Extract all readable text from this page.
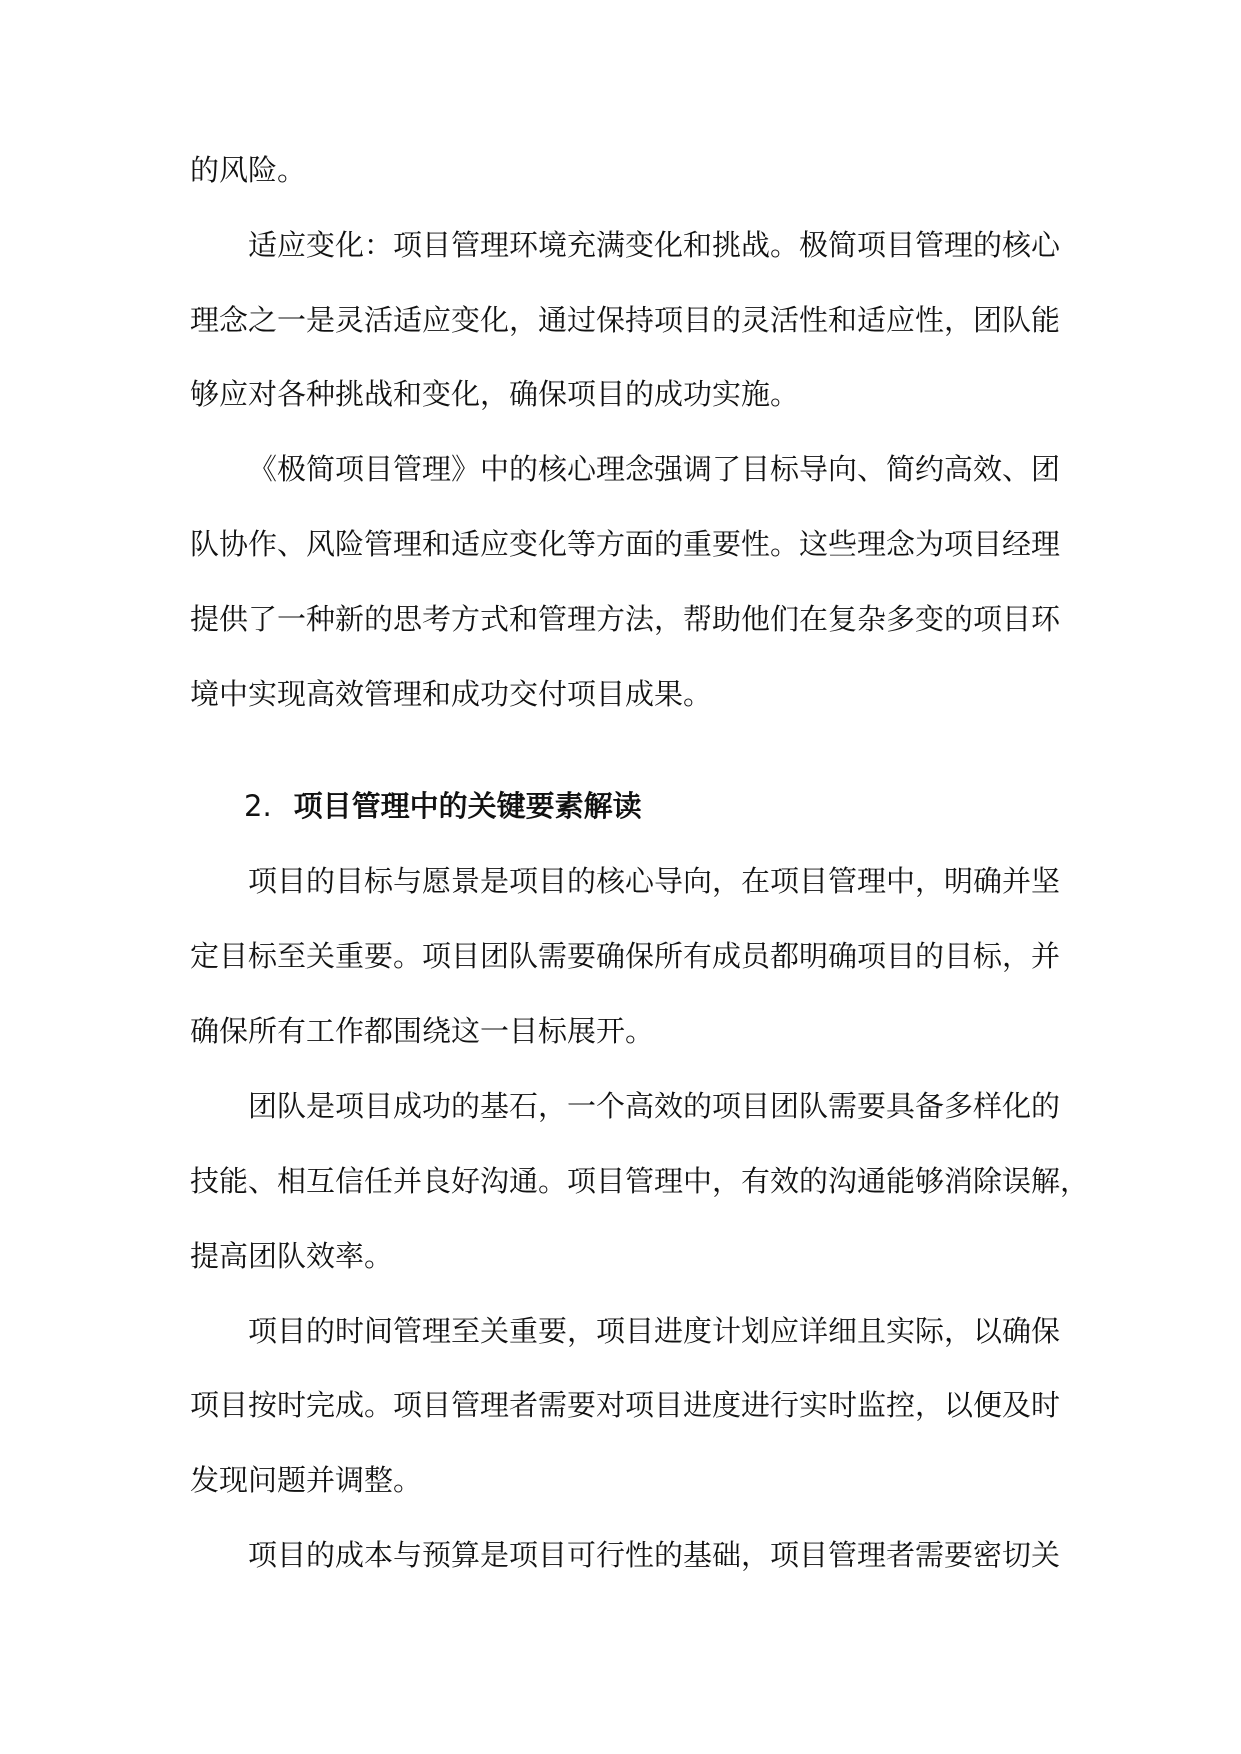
的风险。
适应变化：项目管理环境充满变化和挑战。极简项目管理的核心
理念之一是灵活适应变化，通过保持项目的灵活性和适应性，团队能
够应对各种挑战和变化，确保项目的成功实施。
《极简项目管理》中的核心理念强调了目标导向、简约高效、团
队协作、风险管理和适应变化等方面的重要性。这些理念为项目经理
提供了一种新的思考方式和管理方法，帮助他们在复杂多变的项目环
境中实现高效管理和成功交付项目成果。
2. 项目管理中的关键要素解读
项目的目标与愿景是项目的核心导向，在项目管理中，明确并坚
定目标至关重要。项目团队需要确保所有成员都明确项目的目标，并
确保所有工作都围绕这一目标展开。
团队是项目成功的基石，一个高效的项目团队需要具备多样化的
技能、相互信任并良好沟通。项目管理中，有效的沟通能够消除误解，
提高团队效率。
项目的时间管理至关重要，项目进度计划应详细且实际，以确保
项目按时完成。项目管理者需要对项目进度进行实时监控，以便及时
发现问题并调整。
项目的成本与预算是项目可行性的基础，项目管理者需要密切关
